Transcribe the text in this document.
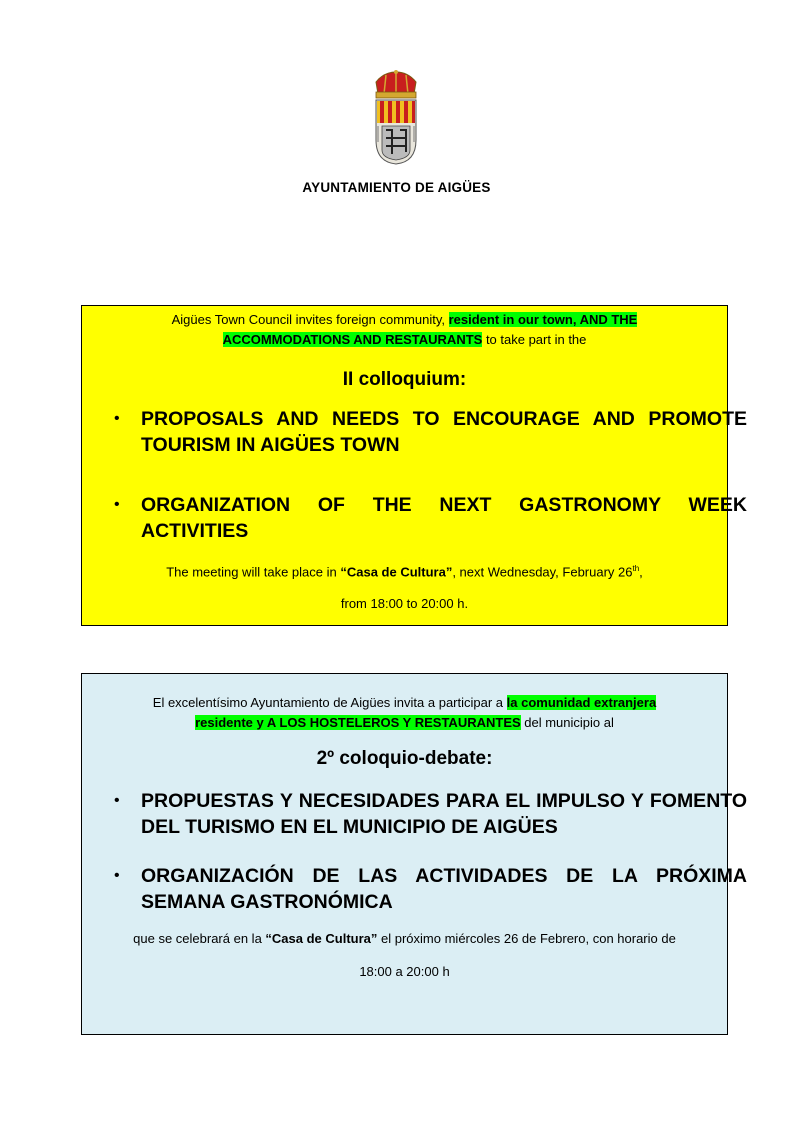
AYUNTAMIENTO DE AIGÜES
Aigües Town Council invites foreign community, resident in our town, AND THE
ACCOMMODATIONS AND RESTAURANTS to take part in the
II colloquium:
• PROPOSALS AND NEEDS TO ENCOURAGE AND PROMOTE TOURISM IN AIGÜES TOWN
• ORGANIZATION OF THE NEXT GASTRONOMY WEEK ACTIVITIES
The meeting will take place in “Casa de Cultura”, next Wednesday, February 26th,
from 18:00 to 20:00 h.
El excelentísimo Ayuntamiento de Aigües invita a participar a la comunidad extranjera
residente y A LOS HOSTELEROS Y RESTAURANTES del municipio al
2º coloquio-debate:
• PROPUESTAS Y NECESIDADES PARA EL IMPULSO Y FOMENTO DEL TURISMO EN EL MUNICIPIO DE AIGÜES
• ORGANIZACIÓN DE LAS ACTIVIDADES DE LA PRÓXIMA SEMANA GASTRONÓMICA
que se celebrará en la “Casa de Cultura” el próximo miércoles 26 de Febrero, con horario de
18:00 a 20:00 h
